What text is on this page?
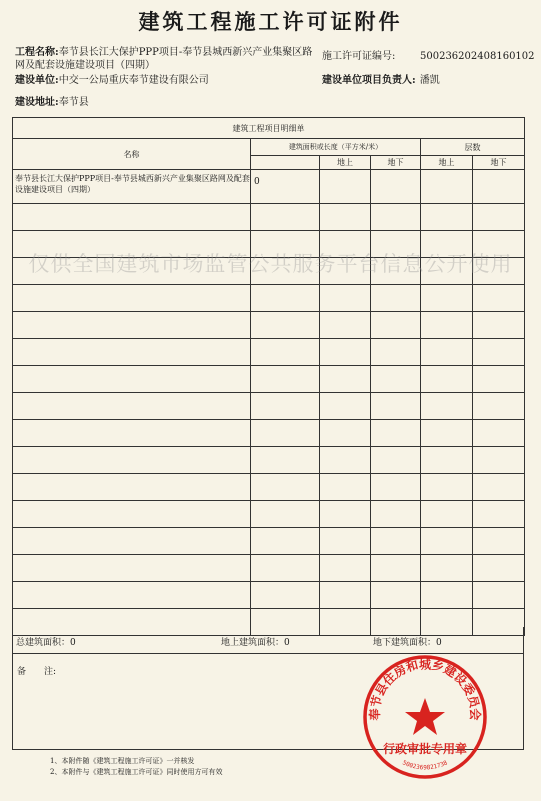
建筑工程施工许可证附件
工程名称:奉节县长江大保护PPP项目-奉节县城西新兴产业集聚区路网及配套设施建设项目（四期）
施工许可证编号: 500236202408160102
建设单位:中交一公局重庆奉节建设有限公司	建设单位项目负责人: 潘凯
建设地址:奉节县
建筑工程项目明细单					
名称	建筑面积或长度（平方米/米）			层数	
		地上	地下	地上	地下
奉节县长江大保护PPP项目-奉节县城西新兴产业集聚区路网及配套设施建设项目（四期）	0				

仅供全国建筑市场监管公共服务平台信息公开使用
总建筑面积：0	地上建筑面积：0	地下建筑面积：0
备　　注:
1、本附件随《建筑工程施工许可证》一并核发
2、本附件与《建筑工程施工许可证》同时使用方可有效
奉节县住房和城乡建设委员会
行政审批专用章
5002369821738
